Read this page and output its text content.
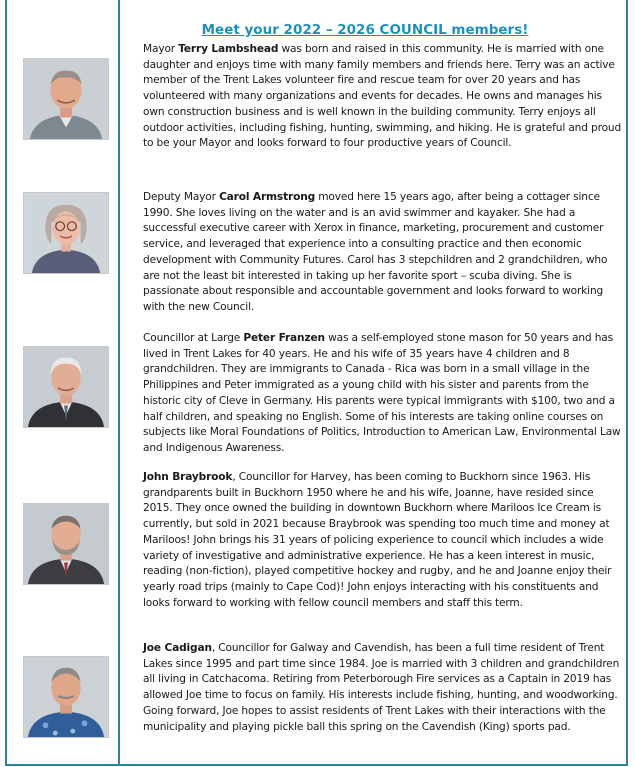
Meet your 2022 – 2026 COUNCIL members!

Mayor Terry Lambshead was born and raised in this community. He is married with one daughter and enjoys time with many family members and friends here. Terry was an active member of the Trent Lakes volunteer fire and rescue team for over 20 years and has volunteered with many organizations and events for decades. He owns and manages his own construction business and is well known in the building community. Terry enjoys all outdoor activities, including fishing, hunting, swimming, and hiking. He is grateful and proud to be your Mayor and looks forward to four productive years of Council.

Deputy Mayor Carol Armstrong moved here 15 years ago, after being a cottager since 1990. She loves living on the water and is an avid swimmer and kayaker. She had a successful executive career with Xerox in finance, marketing, procurement and customer service, and leveraged that experience into a consulting practice and then economic development with Community Futures. Carol has 3 stepchildren and 2 grandchildren, who are not the least bit interested in taking up her favorite sport – scuba diving. She is passionate about responsible and accountable government and looks forward to working with the new Council.

Councillor at Large Peter Franzen was a self-employed stone mason for 50 years and has lived in Trent Lakes for 40 years. He and his wife of 35 years have 4 children and 8 grandchildren. They are immigrants to Canada - Rica was born in a small village in the Philippines and Peter immigrated as a young child with his sister and parents from the historic city of Cleve in Germany. His parents were typical immigrants with $100, two and a half children, and speaking no English. Some of his interests are taking online courses on subjects like Moral Foundations of Politics, Introduction to American Law, Environmental Law and Indigenous Awareness.

John Braybrook, Councillor for Harvey, has been coming to Buckhorn since 1963. His grandparents built in Buckhorn 1950 where he and his wife, Joanne, have resided since 2015. They once owned the building in downtown Buckhorn where Mariloos Ice Cream is currently, but sold in 2021 because Braybrook was spending too much time and money at Mariloos! John brings his 31 years of policing experience to council which includes a wide variety of investigative and administrative experience. He has a keen interest in music, reading (non-fiction), played competitive hockey and rugby, and he and Joanne enjoy their yearly road trips (mainly to Cape Cod)! John enjoys interacting with his constituents and looks forward to working with fellow council members and staff this term.

Joe Cadigan, Councillor for Galway and Cavendish, has been a full time resident of Trent Lakes since 1995 and part time since 1984. Joe is married with 3 children and grandchildren all living in Catchacoma. Retiring from Peterborough Fire services as a Captain in 2019 has allowed Joe time to focus on family. His interests include fishing, hunting, and woodworking. Going forward, Joe hopes to assist residents of Trent Lakes with their interactions with the municipality and playing pickle ball this spring on the Cavendish (King) sports pad.
